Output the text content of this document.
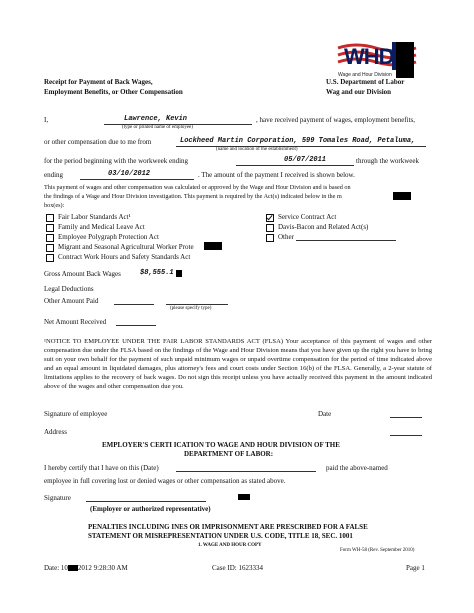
WHD
Wage and Hour Division
Receipt for Payment of Back Wages,
Employment Benefits, or Other Compensation
U.S. Department of Labor
Wag and our Division
I,	Lawrence, Kevin	, have received payment of wages, employment benefits,
(type or printed name of employee)
or other compensation due to me from	Lockheed Martin Corporation, 599 Tomales Road, Petaluma,
(name and location of the establishment)
for the period beginning with the workweek ending	05/07/2011	through the workweek
ending	03/10/2012	. The amount of the payment I received is shown below.
This payment of wages and other compensation was calculated or approved by the Wage and Hour Division and is based on
the findings of a Wage and Hour Division investigation. This payment is required by the Act(s) indicated below in the m
box(es):
Fair Labor Standards Act¹
Family and Medical Leave Act
Employee Polygraph Protection Act
Migrant and Seasonal Agricultural Worker Prote
Contract Work Hours and Safety Standards Act
Service Contract Act
Davis-Bacon and Related Act(s)
Other
Gross Amount Back Wages	$8,555.1
Legal Deductions
Other Amount Paid
(please specify type)
Net Amount Received
¹NOTICE TO EMPLOYEE UNDER THE FAIR LABOR STANDARDS ACT (FLSA) Your acceptance of this payment of wages and other compensation due under the FLSA based on the findings of the Wage and Hour Division means that you have given up the right you have to bring suit on your own behalf for the payment of such unpaid minimum wages or unpaid overtime compensation for the period of time indicated above and an equal amount in liquidated damages, plus attorney's fees and court costs under Section 16(b) of the FLSA. Generally, a 2-year statute of limitations applies to the recovery of back wages. Do not sign this receipt unless you have actually received this payment in the amount indicated above of the wages and other compensation due you.
Signature of employee	Date
Address
EMPLOYER'S CERTI ICATION TO WAGE AND HOUR DIVISION OF THE
DEPARTMENT OF LABOR:
I hereby certify that I have on this (Date)	paid the above-named
employee in full covering lost or denied wages or other compensation as stated above.
Signature
(Employer or authorized representative)
PENALTIES INCLUDING INES OR IMPRISONMENT ARE PRESCRIBED FOR A FALSE
STATEMENT OR MISREPRESENTATION UNDER U.S. CODE, TITLE 18, SEC. 1001
1. WAGE AND HOUR COPY
Form WH-58 (Rev. September 2010)
Date: 10 2012 9:28:30 AM	Case ID: 1623334	Page 1
